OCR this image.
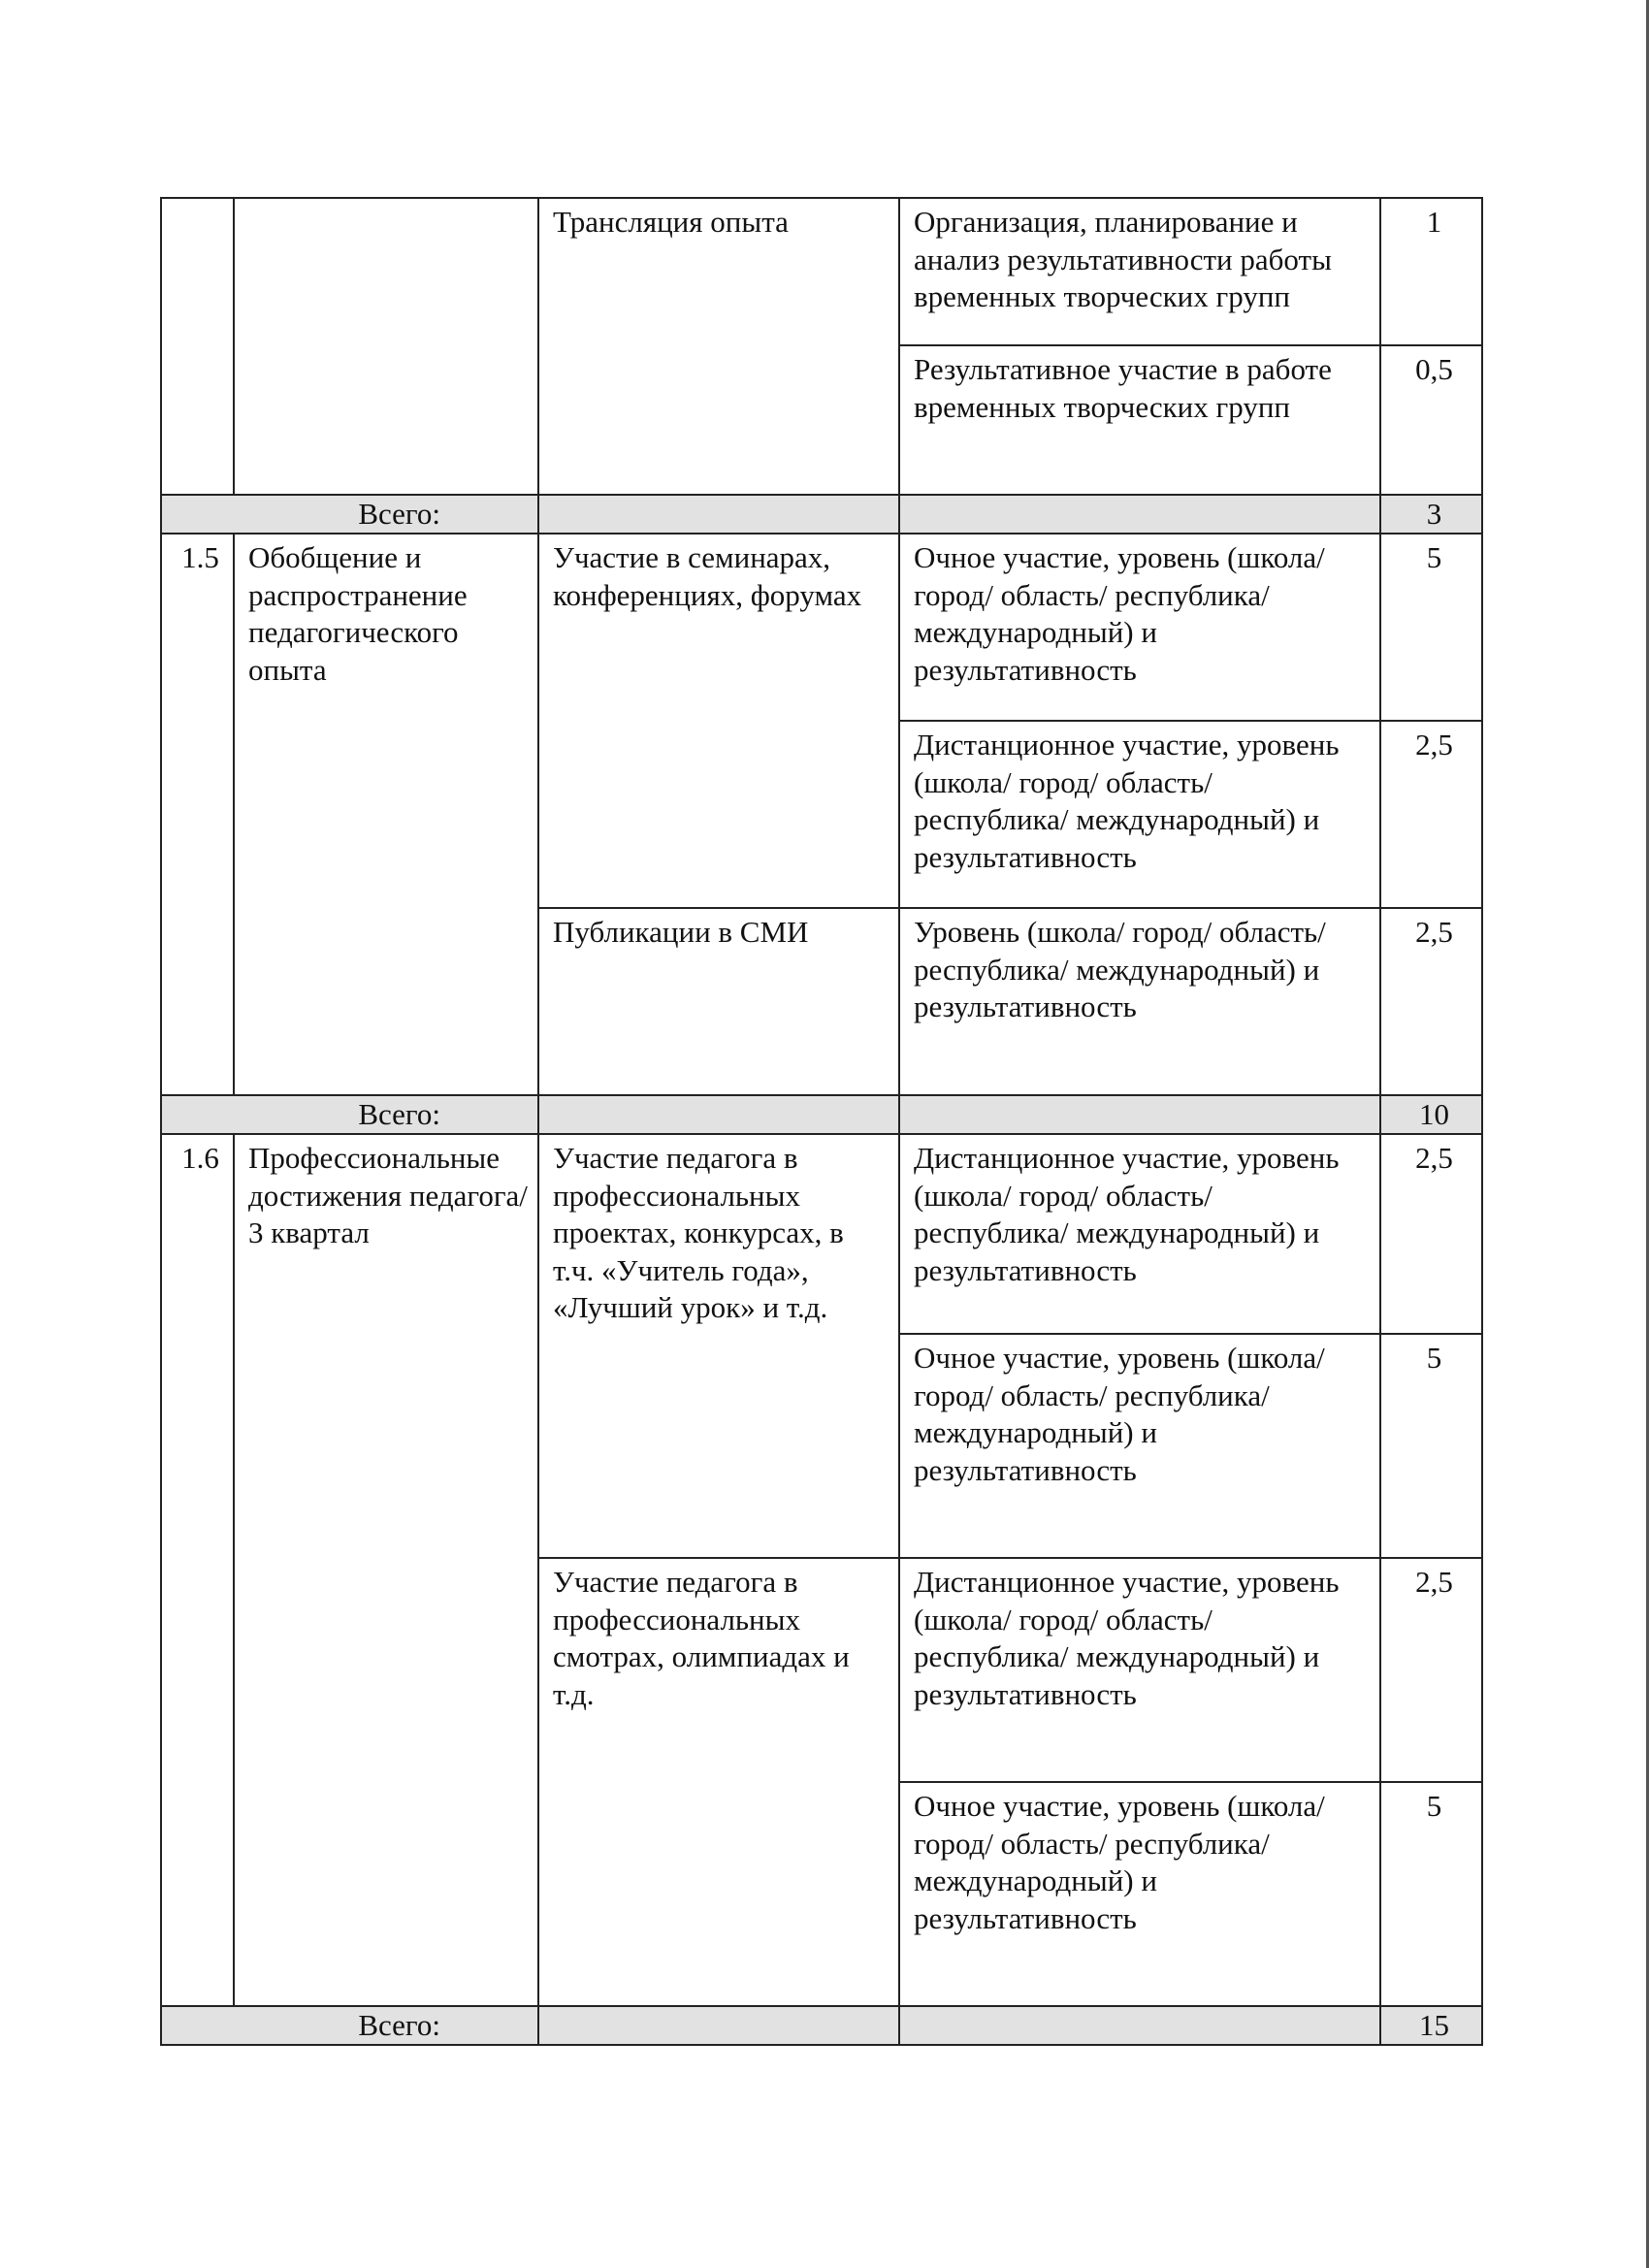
		Трансляция опыта	Организация, планирование и анализ результативности работы временных творческих групп	1
			Результативное участие в работе временных творческих групп	0,5
Всего:				3
1.5	Обобщение и распространение педагогического опыта	Участие в семинарах, конференциях, форумах	Очное участие, уровень (школа/ город/ область/ республика/ международный) и результативность	5
			Дистанционное участие, уровень (школа/ город/ область/ республика/ международный) и результативность	2,5
		Публикации в СМИ	Уровень (школа/ город/ область/ республика/ международный) и результативность	2,5
Всего:				10
1.6	Профессиональные достижения педагога/ 3 квартал	Участие педагога в профессиональных проектах, конкурсах, в т.ч. «Учитель года», «Лучший урок» и т.д.	Дистанционное участие, уровень (школа/ город/ область/ республика/ международный) и результативность	2,5
			Очное участие, уровень (школа/ город/ область/ республика/ международный) и результативность	5
		Участие педагога в профессиональных смотрах, олимпиадах и т.д.	Дистанционное участие, уровень (школа/ город/ область/ республика/ международный) и результативность	2,5
			Очное участие, уровень (школа/ город/ область/ республика/ международный) и результативность	5
Всего:				15
